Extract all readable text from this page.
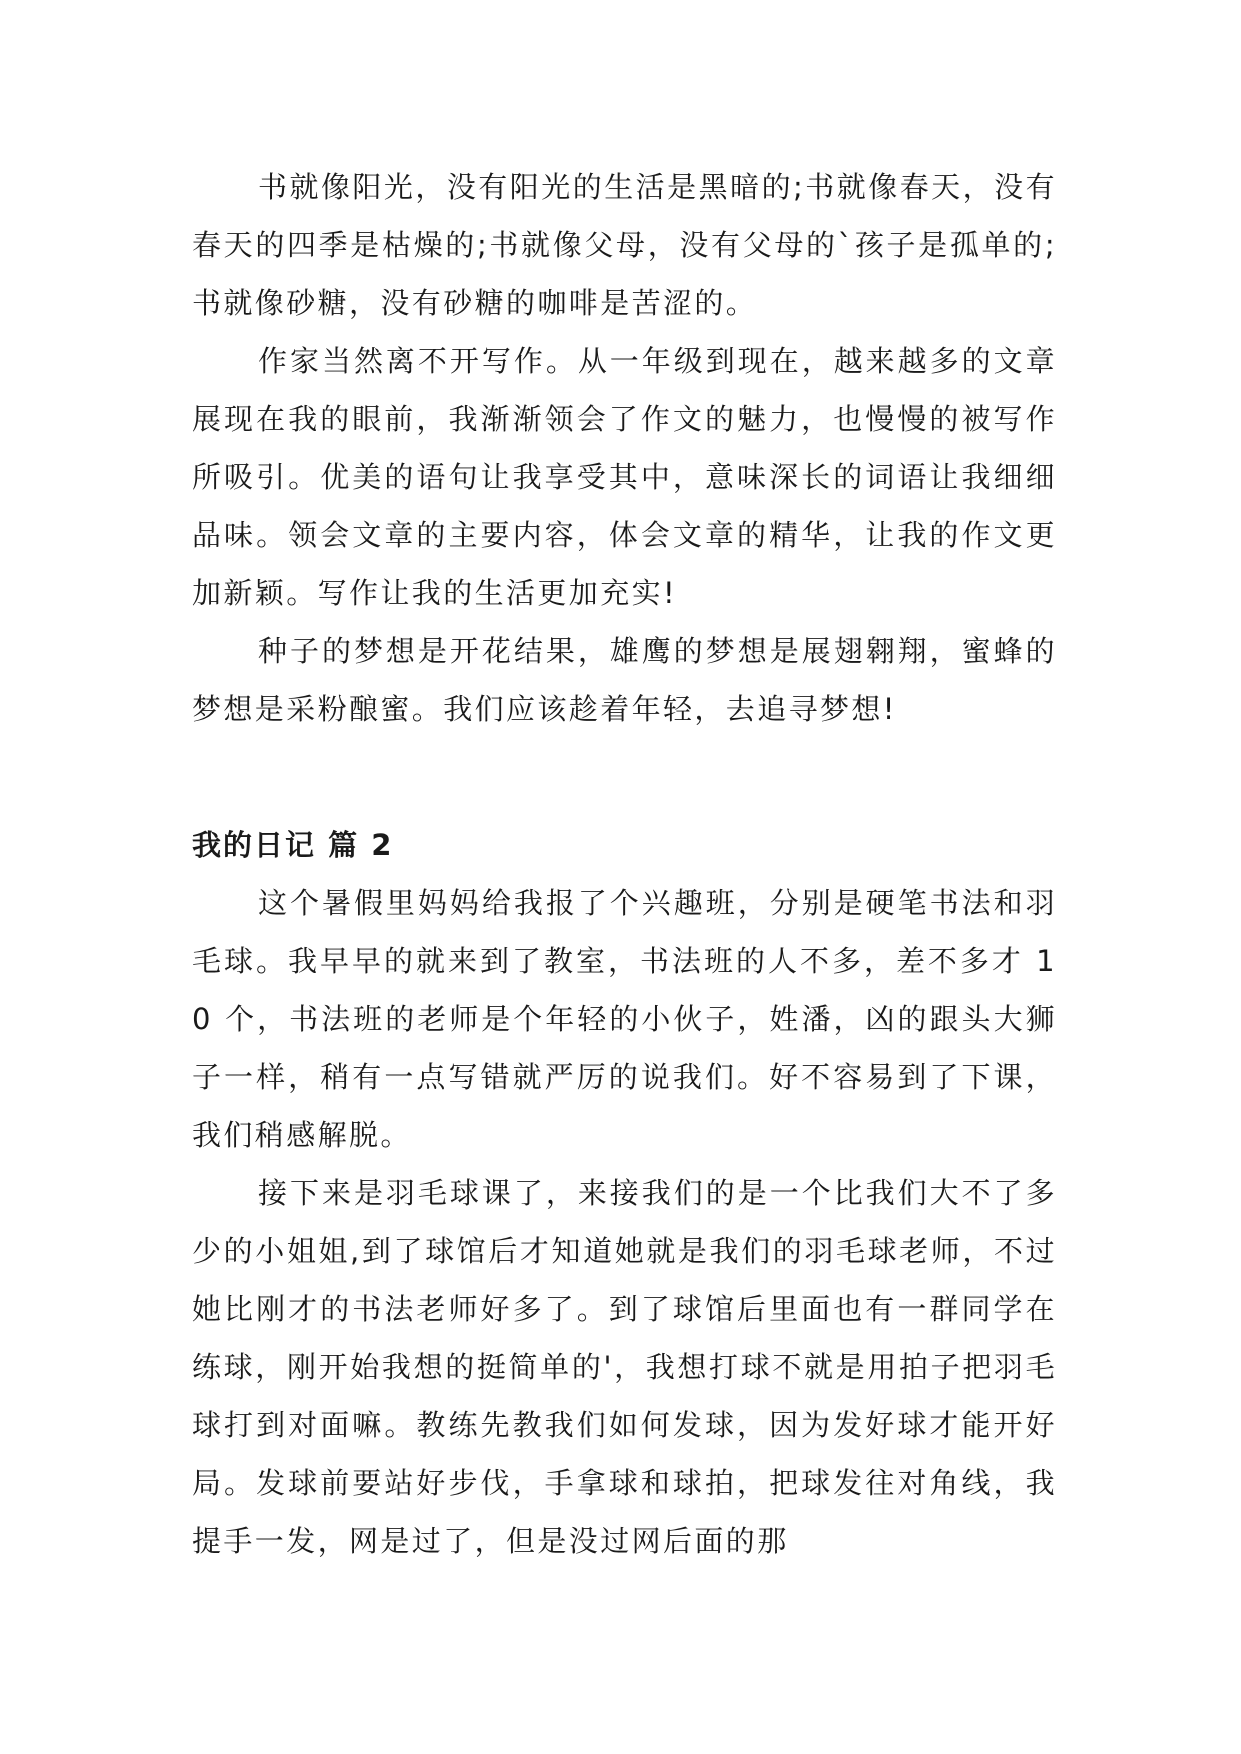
书就像阳光，没有阳光的生活是黑暗的;书就像春天，没有春天的四季是枯燥的;书就像父母，没有父母的`孩子是孤单的;书就像砂糖，没有砂糖的咖啡是苦涩的。

作家当然离不开写作。从一年级到现在，越来越多的文章展现在我的眼前，我渐渐领会了作文的魅力，也慢慢的被写作所吸引。优美的语句让我享受其中，意味深长的词语让我细细品味。领会文章的主要内容，体会文章的精华，让我的作文更加新颖。写作让我的生活更加充实!

种子的梦想是开花结果，雄鹰的梦想是展翅翱翔，蜜蜂的梦想是采粉酿蜜。我们应该趁着年轻，去追寻梦想!

我的日记 篇 2

这个暑假里妈妈给我报了个兴趣班，分别是硬笔书法和羽毛球。我早早的就来到了教室，书法班的人不多，差不多才 10 个，书法班的老师是个年轻的小伙子，姓潘，凶的跟头大狮子一样，稍有一点写错就严厉的说我们。好不容易到了下课，我们稍感解脱。

接下来是羽毛球课了，来接我们的是一个比我们大不了多少的小姐姐,到了球馆后才知道她就是我们的羽毛球老师，不过她比刚才的书法老师好多了。到了球馆后里面也有一群同学在练球，刚开始我想的挺简单的'，我想打球不就是用拍子把羽毛球打到对面嘛。教练先教我们如何发球，因为发好球才能开好局。发球前要站好步伐，手拿球和球拍，把球发往对角线，我提手一发，网是过了，但是没过网后面的那
